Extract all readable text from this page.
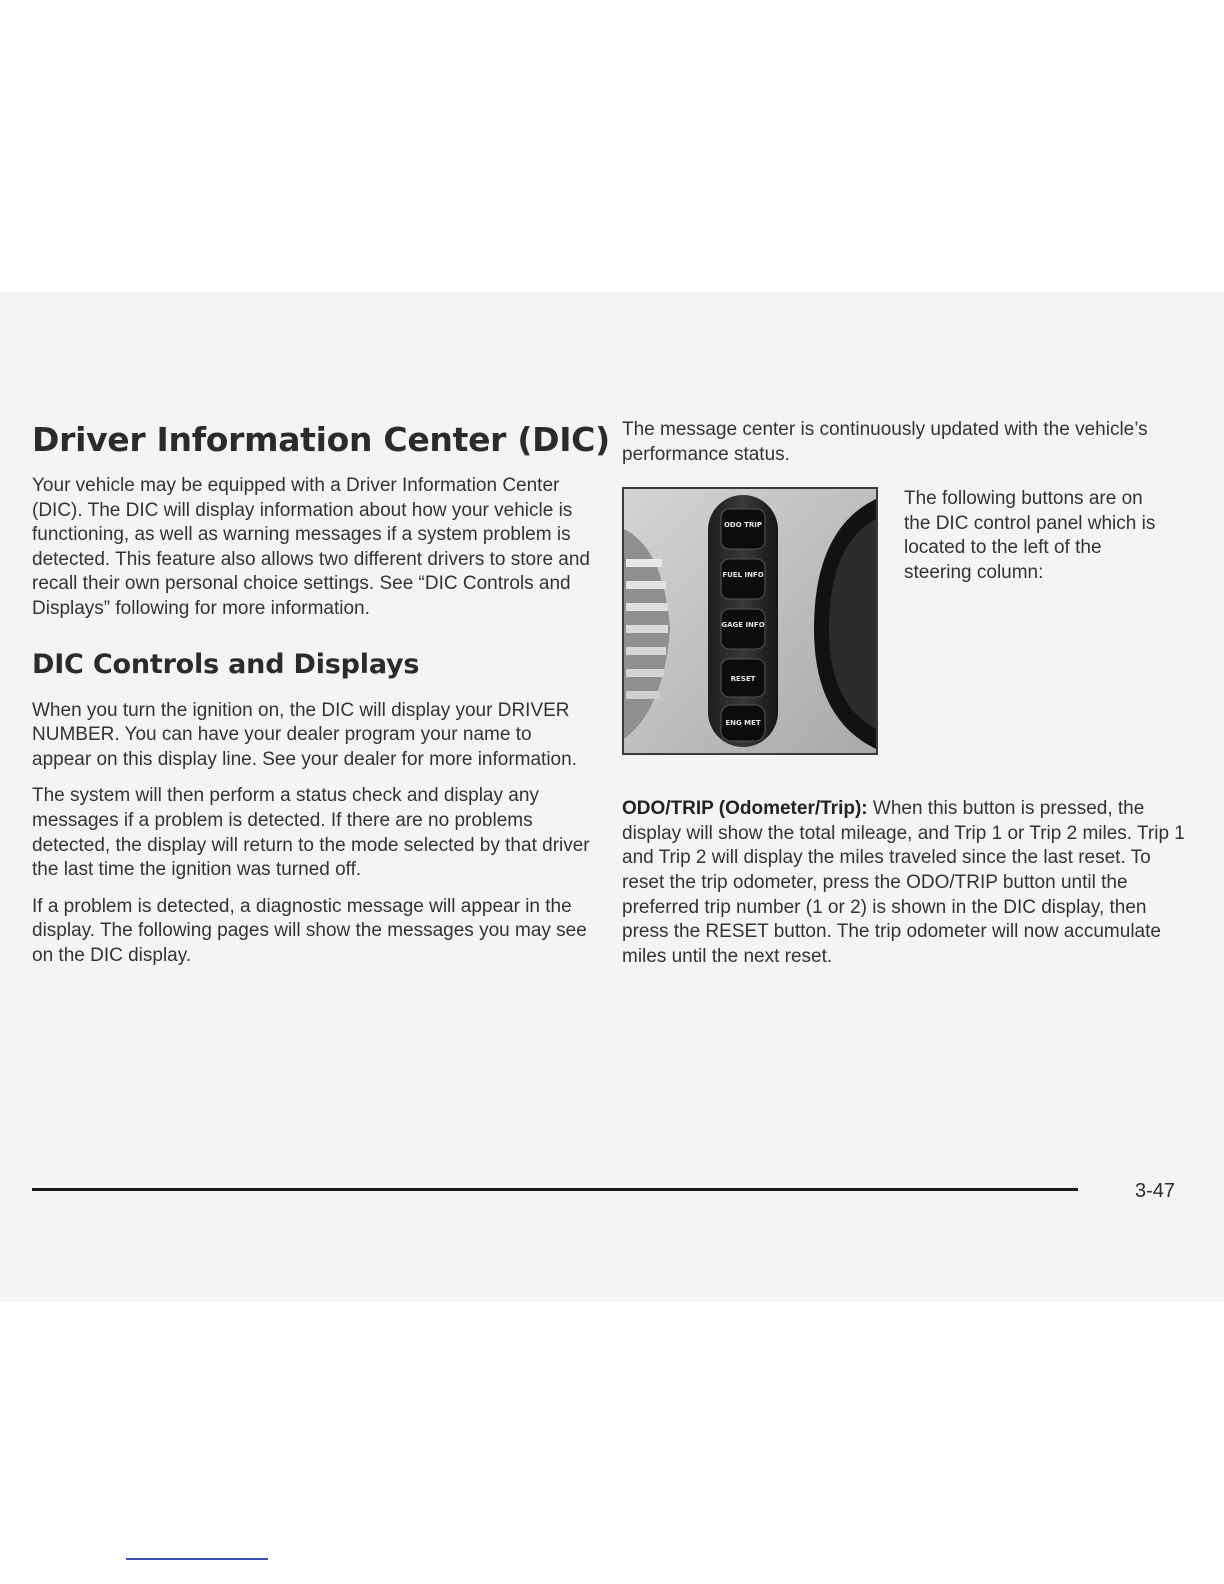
Driver Information Center (DIC)

Your vehicle may be equipped with a Driver Information Center (DIC). The DIC will display information about how your vehicle is functioning, as well as warning messages if a system problem is detected. This feature also allows two different drivers to store and recall their own personal choice settings. See “DIC Controls and Displays” following for more information.

DIC Controls and Displays

When you turn the ignition on, the DIC will display your DRIVER NUMBER. You can have your dealer program your name to appear on this display line. See your dealer for more information.

The system will then perform a status check and display any messages if a problem is detected. If there are no problems detected, the display will return to the mode selected by that driver the last time the ignition was turned off.

If a problem is detected, a diagnostic message will appear in the display. The following pages will show the messages you may see on the DIC display.

The message center is continuously updated with the vehicle’s performance status.

ODO TRIP
FUEL INFO
GAGE INFO
RESET
ENG MET

The following buttons are on the DIC control panel which is located to the left of the steering column:

ODO/TRIP (Odometer/Trip): When this button is pressed, the display will show the total mileage, and Trip 1 or Trip 2 miles. Trip 1 and Trip 2 will display the miles traveled since the last reset. To reset the trip odometer, press the ODO/TRIP button until the preferred trip number (1 or 2) is shown in the DIC display, then press the RESET button. The trip odometer will now accumulate miles until the next reset.

3-47
